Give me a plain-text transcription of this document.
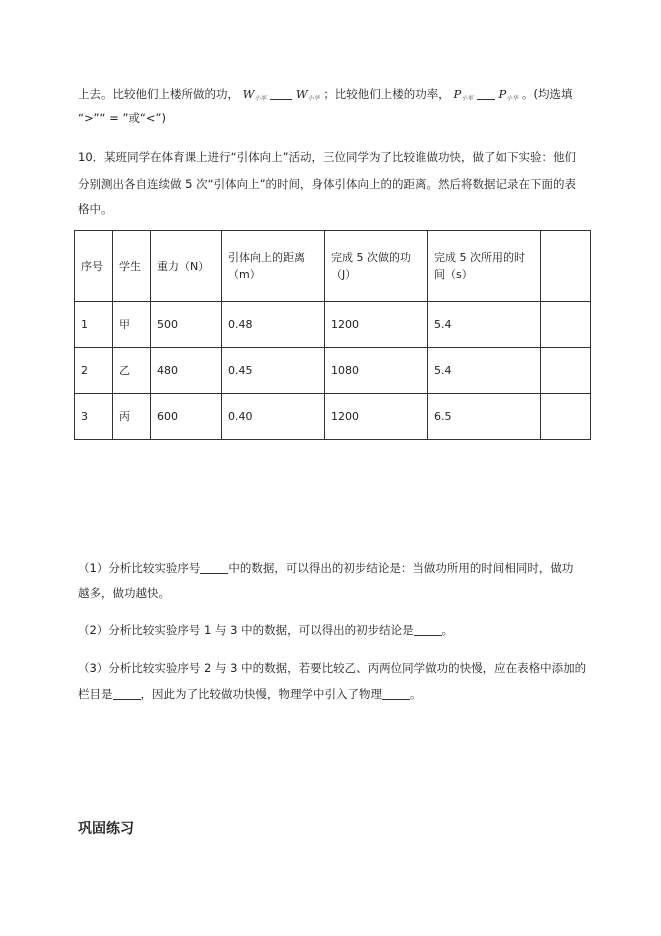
上去。比较他们上楼所做的功， $W_{小军}$	$W_{小华}$ ；比较他们上楼的功率， $P_{小军}$ $P_{小华}$ 。(均选填
“>”“ = ”或“<”)
10．某班同学在体育课上进行“引体向上”活动，三位同学为了比较谁做功快，做了如下实验：他们
分别测出各自连续做 5 次“引体向上”的时间，身体引体向上的的距离。然后将数据记录在下面的表
格中。
序号	学生	重力（N）	引体向上的距离（m）	完成 5 次做的功（J）	完成 5 次所用的时间（s）	
1	甲	500	0.48	1200	5.4	
2	乙	480	0.45	1080	5.4	
3	丙	600	0.40	1200	6.5	
（1）分析比较实验序号 中的数据，可以得出的初步结论是：当做功所用的时间相同时，做功
越多，做功越快。
（2）分析比较实验序号 1 与 3 中的数据，可以得出的初步结论是 。
（3）分析比较实验序号 2 与 3 中的数据，若要比较乙、丙两位同学做功的快慢，应在表格中添加的
栏目是 ，因此为了比较做功快慢，物理学中引入了物理 。
巩固练习
